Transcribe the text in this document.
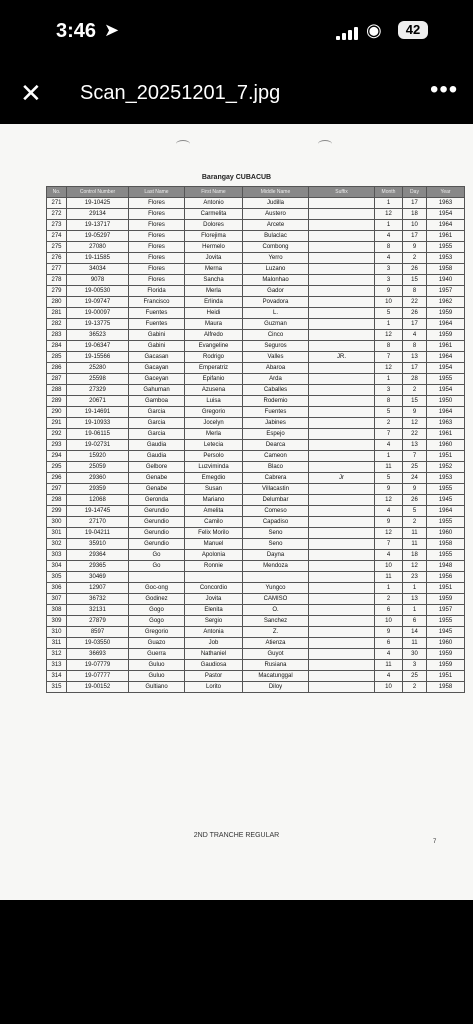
3:46 ➤	◉	42
✕ Scan_20251201_7.jpg	•••
Barangay CUBACUB
No.	Control Number	Last Name	First Name	Middle Name	Suffix	Month	Day	Year
271	19-10425	Flores	Antonio	Judilla		1	17	1963
272	29134	Flores	Carmelita	Austero		12	18	1954
273	19-13717	Flores	Dolores	Arcete		1	10	1964
274	19-05297	Flores	Florejima	Bulaclac		4	17	1961
275	27080	Flores	Hermelo	Combong		8	9	1955
276	19-11585	Flores	Jovita	Yerro		4	2	1953
277	34034	Flores	Merna	Luzano		3	26	1958
278	9078	Flores	Sancha	Malonhao		3	15	1940
279	19-00530	Florida	Merla	Gador		9	8	1957
280	19-09747	Francisco	Erlinda	Povadora		10	22	1962
281	19-00097	Fuentes	Heidi	L.		5	26	1959
282	19-13775	Fuentes	Maura	Guzman		1	17	1964
283	36523	Gabini	Alfredo	Cinco		12	4	1959
284	19-06347	Gabini	Evangeline	Seguros		8	8	1961
285	19-15566	Gacasan	Rodrigo	Valles	JR.	7	13	1964
286	25280	Gacayan	Emperatriz	Abaroa		12	17	1954
287	25598	Gaceyan	Epifanio	Arda		1	28	1955
288	27329	Gahuman	Azusena	Caballes		3	2	1954
289	20671	Gamboa	Luisa	Rodemio		8	15	1950
290	19-14691	Garcia	Gregorio	Fuentes		5	9	1964
291	19-10933	Garcia	Jocelyn	Jabines		2	12	1963
292	19-06115	Garcia	Merla	Espejo		7	22	1961
293	19-02731	Gaudia	Letecia	Dearca		4	13	1960
294	15920	Gaudia	Persolo	Cameon		1	7	1951
295	25059	Gelbore	Luzviminda	Blaco		11	25	1952
296	29360	Genabe	Emegdio	Cabrera	Jr	5	24	1953
297	29359	Genabe	Susan	Villacastin		9	9	1955
298	12068	Geronda	Mariano	Delumbar		12	26	1945
299	19-14745	Gerundio	Amelita	Comeso		4	5	1964
300	27170	Gerundio	Camilo	Capadiso		9	2	1955
301	19-04211	Gerundio	Felix Morilo	Seno		12	11	1960
302	35910	Gerundio	Manuel	Seno		7	11	1958
303	29364	Go	Apolonia	Dayna		4	18	1955
304	29365	Go	Ronnie	Mendoza		10	12	1948
305	30469					11	23	1956
306	12907	Goc-ong	Concordio	Yungco		1	1	1951
307	36732	Godinez	Jovita	CAMISO		2	13	1959
308	32131	Gogo	Elenita	O.		6	1	1957
309	27879	Gogo	Sergio	Sanchez		10	6	1955
310	8597	Gregorio	Antonia	Z.		9	14	1945
311	19-03550	Guazo	Job	Atienza		6	11	1960
312	36693	Guerra	Nathaniel	Guyot		4	30	1959
313	19-07779	Guluo	Gaudiosa	Rusiana		11	3	1959
314	19-07777	Guluo	Pastor	Macatunggal		4	25	1951
315	19-00152	Gultiano	Lorito	Diloy		10	2	1958
2ND TRANCHE REGULAR
7
